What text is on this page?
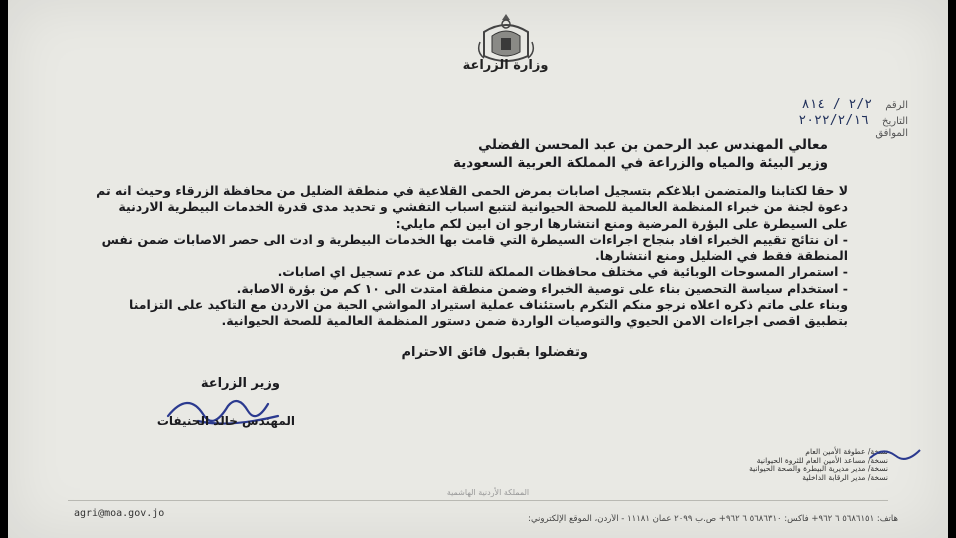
وزارة الزراعة
الرقم ٢/٢ / ٨١٤
التاريخ ٢٠٢٢/٢/١٦
الموافق
معالي المهندس عبد الرحمن بن عبد المحسن الفضلي
وزير البيئة والمياه والزراعة في المملكة العربية السعودية

لا حقا لكتابنا والمتضمن ابلاغكم بتسجيل اصابات بمرض الحمى القلاعية في منطقة الضليل من محافظة الزرقاء وحيث انه تم دعوة لجنة من خبراء المنظمة العالمية للصحة الحيوانية لتتبع اسباب التفشي و تحديد مدى قدرة الخدمات البيطرية الاردنية على السيطرة على البؤرة المرضية ومنع انتشارها ارجو ان ابين لكم مايلي:

- ان نتائج تقييم الخبراء افاد بنجاح اجراءات السيطرة التي قامت بها الخدمات البيطرية و ادت الى حصر الاصابات ضمن نفس المنطقة فقط في الضليل ومنع انتشارها.

- استمرار المسوحات الوبائية في مختلف محافظات المملكة للتاكد من عدم تسجيل اي اصابات.

- استخدام سياسة التحصين بناء على توصية الخبراء وضمن منطقة امتدت الى ١٠ كم من بؤرة الاصابة.

وبناء على ماتم ذكره اعلاه نرجو منكم التكرم باستئناف عملية استيراد المواشي الحية من الاردن مع التاكيد على التزامنا بتطبيق اقصى اجراءات الامن الحيوي والتوصيات الواردة ضمن دستور المنظمة العالمية للصحة الحيوانية.

وتفضلوا بقبول فائق الاحترام
وزير الزراعة
المهندس خالد الحنيفات
نسخة/ عطوفة الأمين العام
نسخة/ مساعد الأمين العام للثروة الحيوانية
نسخة/ مدير مديرية البيطرة والصحة الحيوانية
نسخة/ مدير الرقابة الداخلية
المملكة الأردنية الهاشمية
agri@moa.gov.jo	هاتف: ٥٦٨٦١٥١ ٦ ٩٦٢+ فاكس: ٥٦٨٦٣١٠ ٦ ٩٦٢+ ص.ب ٢٠٩٩ عمان ١١١٨١ - الأردن، الموقع الإلكتروني:
